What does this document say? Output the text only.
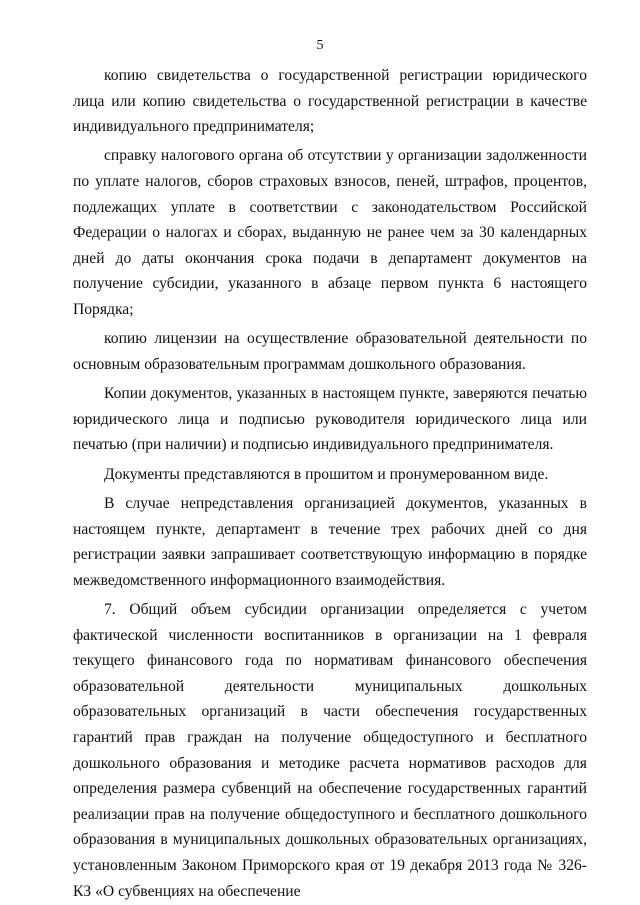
5

копию свидетельства о государственной регистрации юридического лица или копию свидетельства о государственной регистрации в качестве индивидуального предпринимателя;

справку налогового органа об отсутствии у организации задолженности по уплате налогов, сборов страховых взносов, пеней, штрафов, процентов, подлежащих уплате в соответствии с законодательством Российской Федерации о налогах и сборах, выданную не ранее чем за 30 календарных дней до даты окончания срока подачи в департамент документов на получение субсидии, указанного в абзаце первом пункта 6 настоящего Порядка;

копию лицензии на осуществление образовательной деятельности по основным образовательным программам дошкольного образования.

Копии документов, указанных в настоящем пункте, заверяются печатью юридического лица и подписью руководителя юридического лица или печатью (при наличии) и подписью индивидуального предпринимателя.

Документы представляются в прошитом и пронумерованном виде.

В случае непредставления организацией документов, указанных в настоящем пункте, департамент в течение трех рабочих дней со дня регистрации заявки запрашивает соответствующую информацию в порядке межведомственного информационного взаимодействия.

7. Общий объем субсидии организации определяется с учетом фактической численности воспитанников в организации на 1 февраля текущего финансового года по нормативам финансового обеспечения образовательной деятельности муниципальных дошкольных образовательных организаций в части обеспечения государственных гарантий прав граждан на получение общедоступного и бесплатного дошкольного образования и методике расчета нормативов расходов для определения размера субвенций на обеспечение государственных гарантий реализации прав на получение общедоступного и бесплатного дошкольного образования в муниципальных дошкольных образовательных организациях, установленным Законом Приморского края от 19 декабря 2013 года № 326-КЗ «О субвенциях на обеспечение
